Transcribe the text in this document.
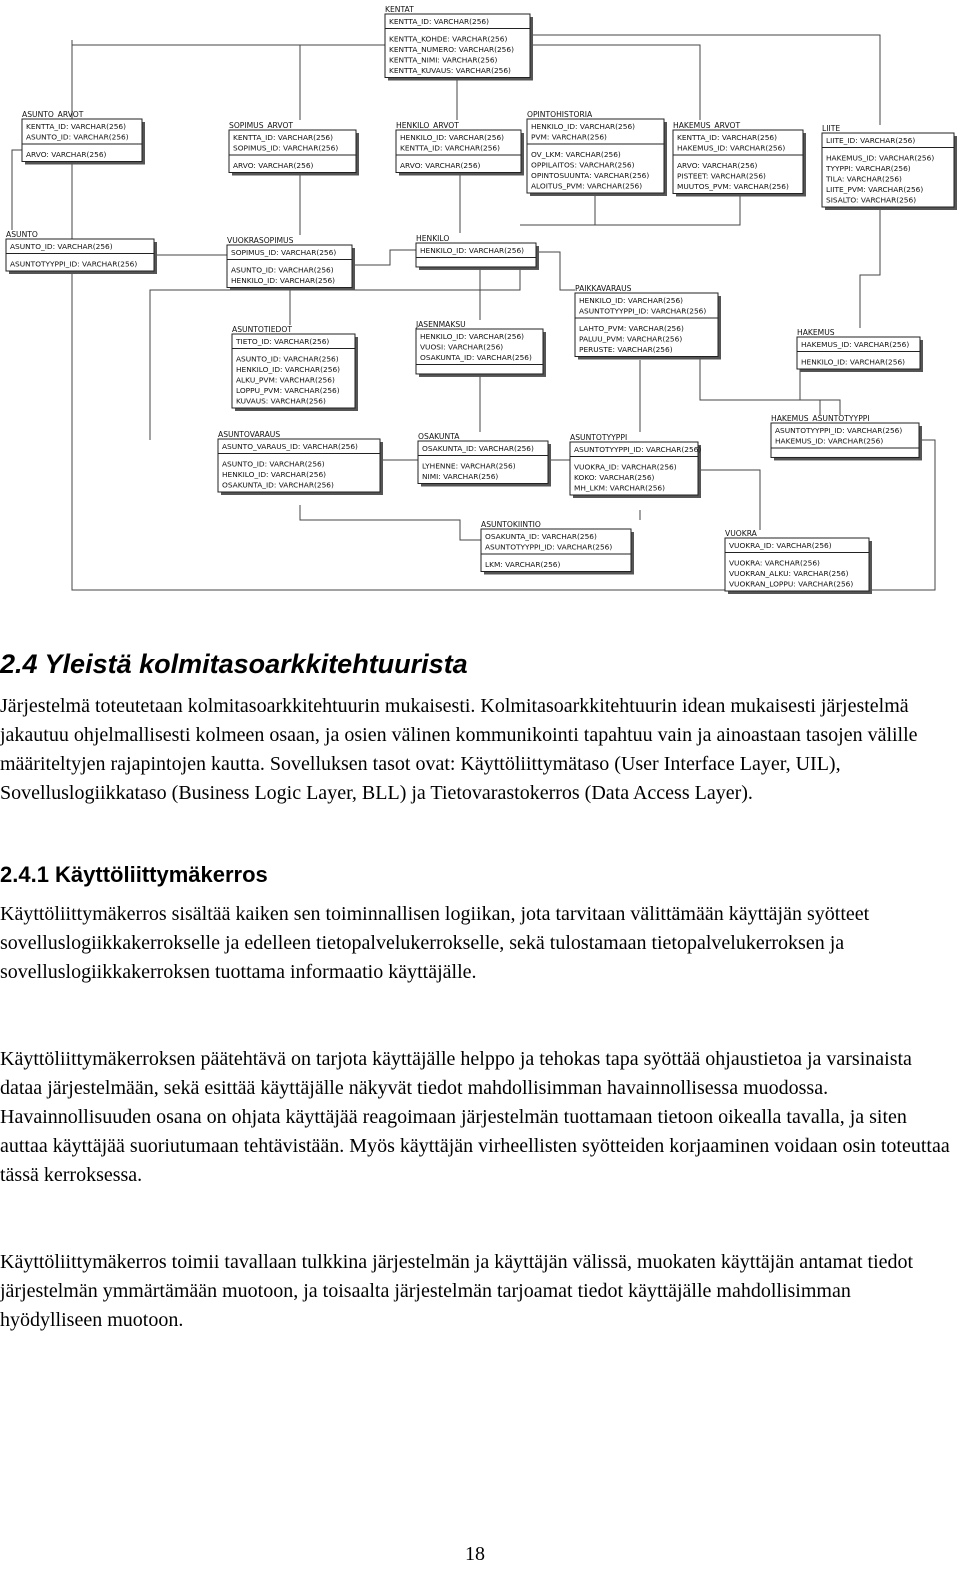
KENTAT
KENTTA_ID: VARCHAR(256)
KENTTA_KOHDE: VARCHAR(256)
KENTTA_NUMERO: VARCHAR(256)
KENTTA_NIMI: VARCHAR(256)
KENTTA_KUVAUS: VARCHAR(256)
ASUNTO_ARVOT
KENTTA_ID: VARCHAR(256)
ASUNTO_ID: VARCHAR(256)
ARVO: VARCHAR(256)
SOPIMUS_ARVOT
KENTTA_ID: VARCHAR(256)
SOPIMUS_ID: VARCHAR(256)
ARVO: VARCHAR(256)
HENKILO_ARVOT
HENKILO_ID: VARCHAR(256)
KENTTA_ID: VARCHAR(256)
ARVO: VARCHAR(256)
OPINTOHISTORIA
HENKILO_ID: VARCHAR(256)
PVM: VARCHAR(256)
OV_LKM: VARCHAR(256)
OPPILAITOS: VARCHAR(256)
OPINTOSUUNTA: VARCHAR(256)
ALOITUS_PVM: VARCHAR(256)
HAKEMUS_ARVOT
KENTTA_ID: VARCHAR(256)
HAKEMUS_ID: VARCHAR(256)
ARVO: VARCHAR(256)
PISTEET: VARCHAR(256)
MUUTOS_PVM: VARCHAR(256)
LIITE
LIITE_ID: VARCHAR(256)
HAKEMUS_ID: VARCHAR(256)
TYYPPI: VARCHAR(256)
TILA: VARCHAR(256)
LIITE_PVM: VARCHAR(256)
SISALTO: VARCHAR(256)
ASUNTO
ASUNTO_ID: VARCHAR(256)
ASUNTOTYYPPI_ID: VARCHAR(256)
VUOKRASOPIMUS
SOPIMUS_ID: VARCHAR(256)
ASUNTO_ID: VARCHAR(256)
HENKILO_ID: VARCHAR(256)
HENKILO
HENKILO_ID: VARCHAR(256)
PAIKKAVARAUS
HENKILO_ID: VARCHAR(256)
ASUNTOTYYPPI_ID: VARCHAR(256)
LAHTO_PVM: VARCHAR(256)
PALUU_PVM: VARCHAR(256)
PERUSTE: VARCHAR(256)
ASUNTOTIEDOT
TIETO_ID: VARCHAR(256)
ASUNTO_ID: VARCHAR(256)
HENKILO_ID: VARCHAR(256)
ALKU_PVM: VARCHAR(256)
LOPPU_PVM: VARCHAR(256)
KUVAUS: VARCHAR(256)
JASENMAKSU
HENKILO_ID: VARCHAR(256)
VUOSI: VARCHAR(256)
OSAKUNTA_ID: VARCHAR(256)
HAKEMUS
HAKEMUS_ID: VARCHAR(256)
HENKILO_ID: VARCHAR(256)
HAKEMUS_ASUNTOTYYPPI
ASUNTOTYYPPI_ID: VARCHAR(256)
HAKEMUS_ID: VARCHAR(256)
ASUNTOVARAUS
ASUNTO_VARAUS_ID: VARCHAR(256)
ASUNTO_ID: VARCHAR(256)
HENKILO_ID: VARCHAR(256)
OSAKUNTA_ID: VARCHAR(256)
OSAKUNTA
OSAKUNTA_ID: VARCHAR(256)
LYHENNE: VARCHAR(256)
NIMI: VARCHAR(256)
ASUNTOTYYPPI
ASUNTOTYYPPI_ID: VARCHAR(256)
VUOKRA_ID: VARCHAR(256)
KOKO: VARCHAR(256)
MH_LKM: VARCHAR(256)
ASUNTOKIINTIO
OSAKUNTA_ID: VARCHAR(256)
ASUNTOTYYPPI_ID: VARCHAR(256)
LKM: VARCHAR(256)
VUOKRA
VUOKRA_ID: VARCHAR(256)
VUOKRA: VARCHAR(256)
VUOKRAN_ALKU: VARCHAR(256)
VUOKRAN_LOPPU: VARCHAR(256)
2.4 Yleistä kolmitasoarkkitehtuurista

Järjestelmä toteutetaan kolmitasoarkkitehtuurin mukaisesti. Kolmitasoarkkitehtuurin idean mukaisesti järjestelmä jakautuu ohjelmallisesti kolmeen osaan, ja osien välinen kommunikointi tapahtuu vain ja ainoastaan tasojen välille määriteltyjen rajapintojen kautta. Sovelluksen tasot ovat: Käyttöliittymätaso (User Interface Layer, UIL), Sovelluslogiikkataso (Business Logic Layer, BLL) ja Tietovarastokerros (Data Access Layer).

2.4.1 Käyttöliittymäkerros

Käyttöliittymäkerros sisältää kaiken sen toiminnallisen logiikan, jota tarvitaan välittämään käyttäjän syötteet sovelluslogiikkakerrokselle ja edelleen tietopalvelukerrokselle, sekä tulostamaan tietopalvelukerroksen ja sovelluslogiikkakerroksen tuottama informaatio käyttäjälle.

Käyttöliittymäkerroksen päätehtävä on tarjota käyttäjälle helppo ja tehokas tapa syöttää ohjaustietoa ja varsinaista dataa järjestelmään, sekä esittää käyttäjälle näkyvät tiedot mahdollisimman havainnollisessa muodossa. Havainnollisuuden osana on ohjata käyttäjää reagoimaan järjestelmän tuottamaan tietoon oikealla tavalla, ja siten auttaa käyttäjää suoriutumaan tehtävistään. Myös käyttäjän virheellisten syötteiden korjaaminen voidaan osin toteuttaa tässä kerroksessa.

Käyttöliittymäkerros toimii tavallaan tulkkina järjestelmän ja käyttäjän välissä, muokaten käyttäjän antamat tiedot järjestelmän ymmärtämään muotoon, ja toisaalta järjestelmän tarjoamat tiedot käyttäjälle mahdollisimman hyödylliseen muotoon.

18
